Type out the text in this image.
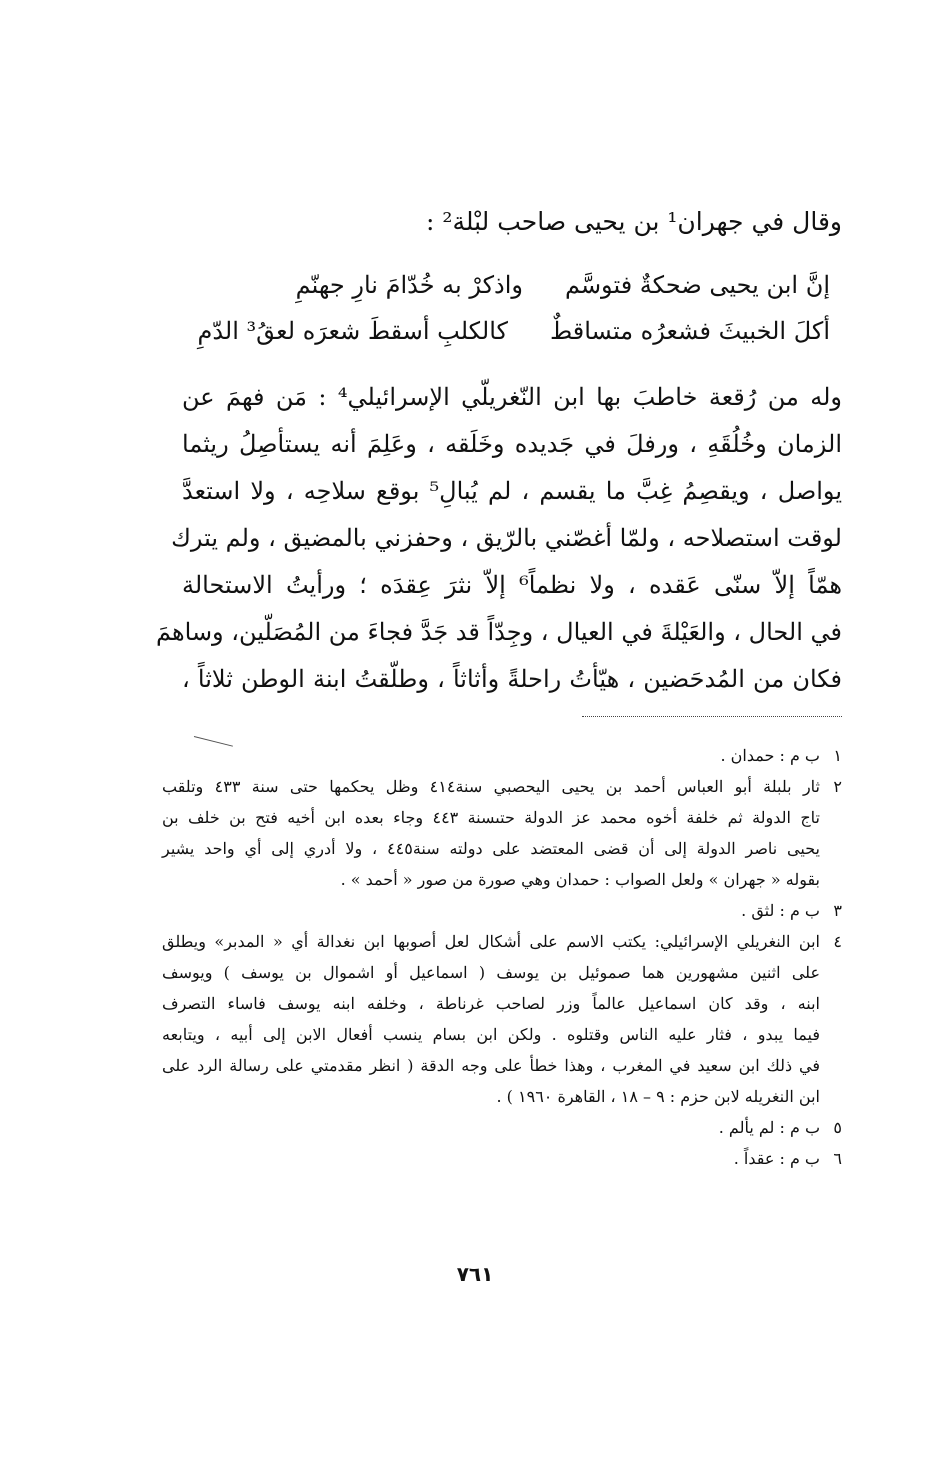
وقال في جهران¹ بن يحيى صاحب لبْلة² :
إنَّ ابن يحيى ضحكةٌ فتوسَّم
واذكرْ به خُدّامَ نارِ جهنّمِ
أكلَ الخبيثَ فشعرُه متساقطٌ
كالكلبِ أسقطَ شعرَه لعقُ³ الدّمِ
وله من رُقعة خاطبَ بها ابن النّغريلّي الإسرائيلي⁴ : مَن فهمَ عن
الزمان وخُلُقَهِ ، ورفلَ في جَديده وخَلَقه ، وعَلِمَ أنه يستأصِلُ ريثما
يواصل ، ويقصِمُ غِبَّ ما يقسم ، لم يُبالِ⁵ بوقع سلاحِه ، ولا استعدَّ
لوقت استصلاحه ، ولمّا أغصّني بالرّيق ، وحفزني بالمضيق ، ولم يترك
همّاً إلاّ سنّى عَقده ، ولا نظماً⁶ إلاّ نثرَ عِقدَه ؛ ورأيتُ الاستحالة
في الحال ، والعَيْلةَ في العيال ، وجِدّاً قد جَدَّ فجاءَ من المُصَلّين، وساهمَ
فكان من المُدحَضين ، هيّأتُ راحلةً وأثاثاً ، وطلّقتُ ابنة الوطن ثلاثاً ،
١
ب م : حمدان .
٢
ثار بلبلة أبو العباس أحمد بن يحيى اليحصبي سنة٤١٤ وظل يحكمها حتى سنة ٤٣٣ وتلقب
تاج الدولة ثم خلفة أخوه محمد عز الدولة حتىسنة ٤٤٣ وجاء بعده ابن أخيه فتح بن خلف بن
يحيى ناصر الدولة إلى أن قضى المعتضد على دولته سنة٤٤٥ ، ولا أدري إلى أي واحد يشير
بقوله « جهران » ولعل الصواب : حمدان وهي صورة من صور « أحمد » .
٣
ب م : لثق .
٤
ابن النغريلي الإسرائيلي: يكتب الاسم على أشكال لعل أصوبها ابن نغدالة أي « المدبر» ويطلق
على اثنين مشهورين هما صموئيل بن يوسف ( اسماعيل أو اشموال بن يوسف ) ويوسف
ابنه ، وقد كان اسماعيل عالماً وزر لصاحب غرناطة ، وخلفه ابنه يوسف فاساء التصرف
فيما يبدو ، فثار عليه الناس وقتلوه . ولكن ابن بسام ينسب أفعال الابن إلى أبيه ، ويتابعه
في ذلك ابن سعيد في المغرب ، وهذا خطأ على وجه الدقة ( انظر مقدمتي على رسالة الرد على
ابن النغريله لابن حزم : ٩ – ١٨ ، القاهرة ١٩٦٠ ) .
٥
ب م : لم يألم .
٦
ب م : عقداً .
٧٦١
